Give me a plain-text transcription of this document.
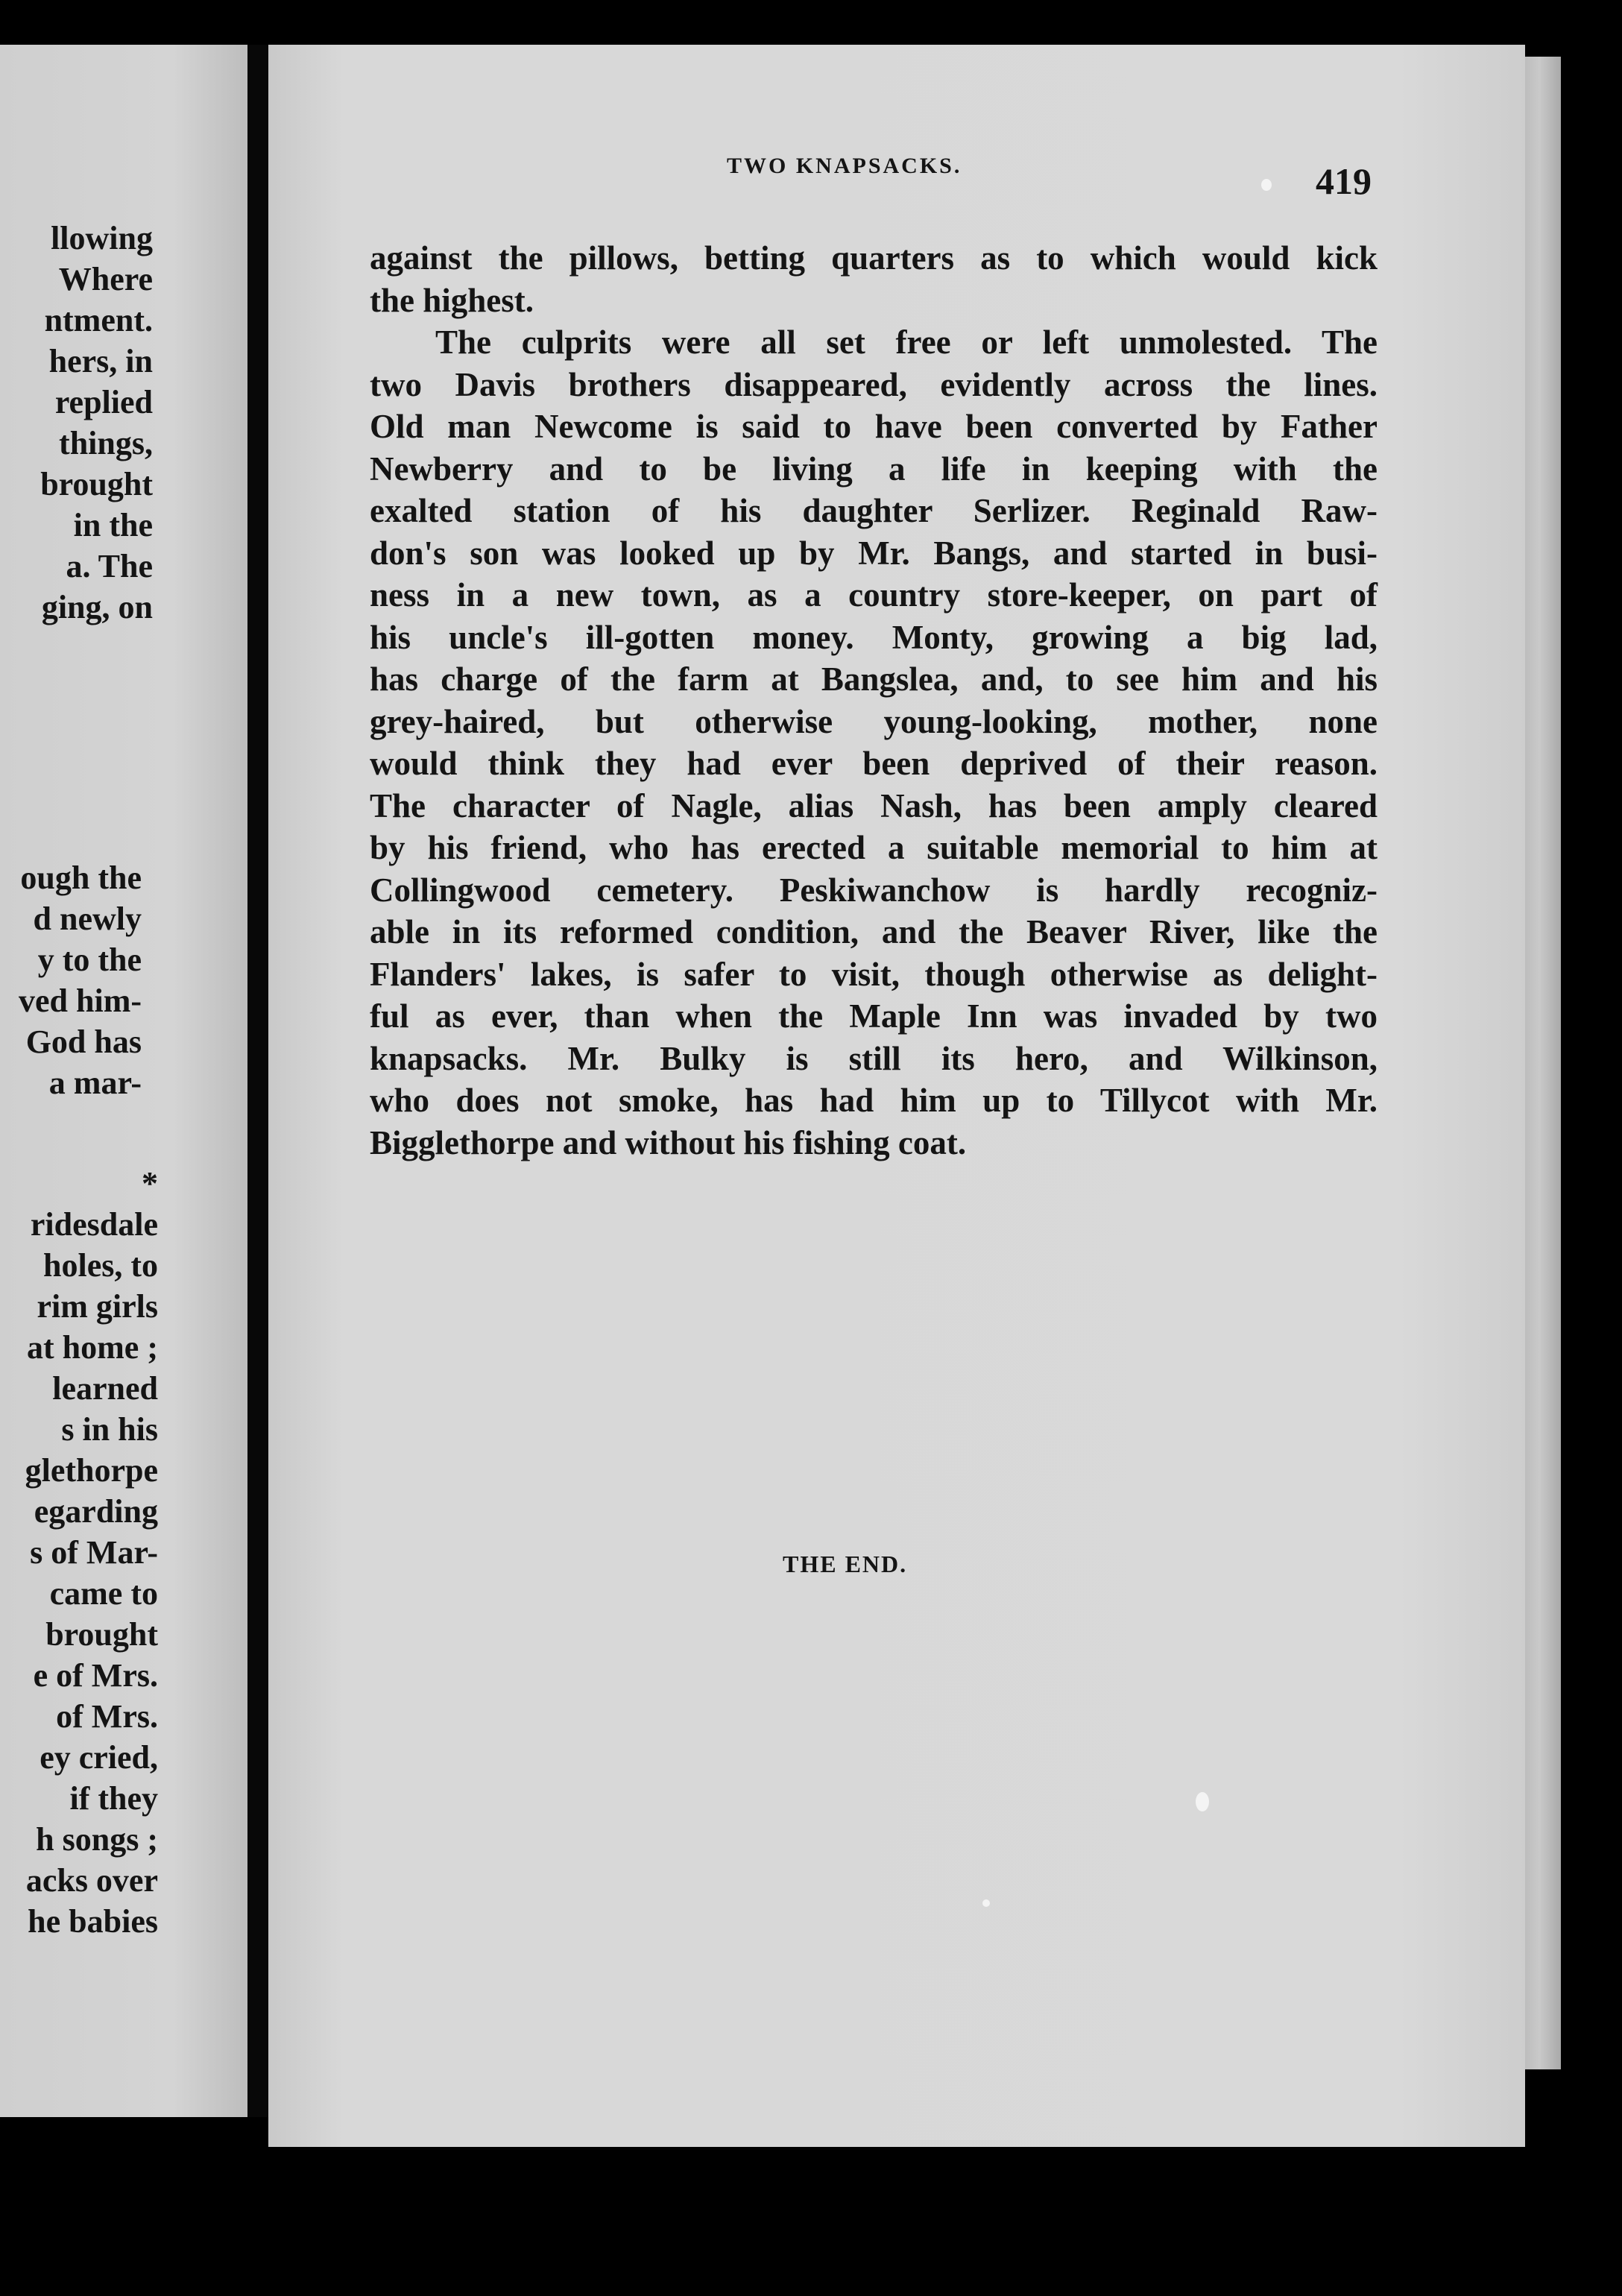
llowing
Where
ntment.
hers, in
replied
things,
brought
in the
a. The
ging, on
ough the
d newly
y to the
ved him-
God has
a mar-
*
ridesdale
holes, to
rim girls
at home ;
learned
s in his
glethorpe
egarding
s of Mar-
came to
brought
e of Mrs.
of Mrs.
ey cried,
if they
h songs ;
acks over
he babies
TWO KNAPSACKS.	419
against the pillows, betting quarters as to which would kick
the highest.
The culprits were all set free or left unmolested. The
two Davis brothers disappeared, evidently across the lines.
Old man Newcome is said to have been converted by Father
Newberry and to be living a life in keeping with the
exalted station of his daughter Serlizer. Reginald Raw-
don's son was looked up by Mr. Bangs, and started in busi-
ness in a new town, as a country store-keeper, on part of
his uncle's ill-gotten money. Monty, growing a big lad,
has charge of the farm at Bangslea, and, to see him and his
grey-haired, but otherwise young-looking, mother, none
would think they had ever been deprived of their reason.
The character of Nagle, alias Nash, has been amply cleared
by his friend, who has erected a suitable memorial to him at
Collingwood cemetery. Peskiwanchow is hardly recogniz-
able in its reformed condition, and the Beaver River, like the
Flanders' lakes, is safer to visit, though otherwise as delight-
ful as ever, than when the Maple Inn was invaded by two
knapsacks. Mr. Bulky is still its hero, and Wilkinson,
who does not smoke, has had him up to Tillycot with Mr.
Bigglethorpe and without his fishing coat.
THE END.
